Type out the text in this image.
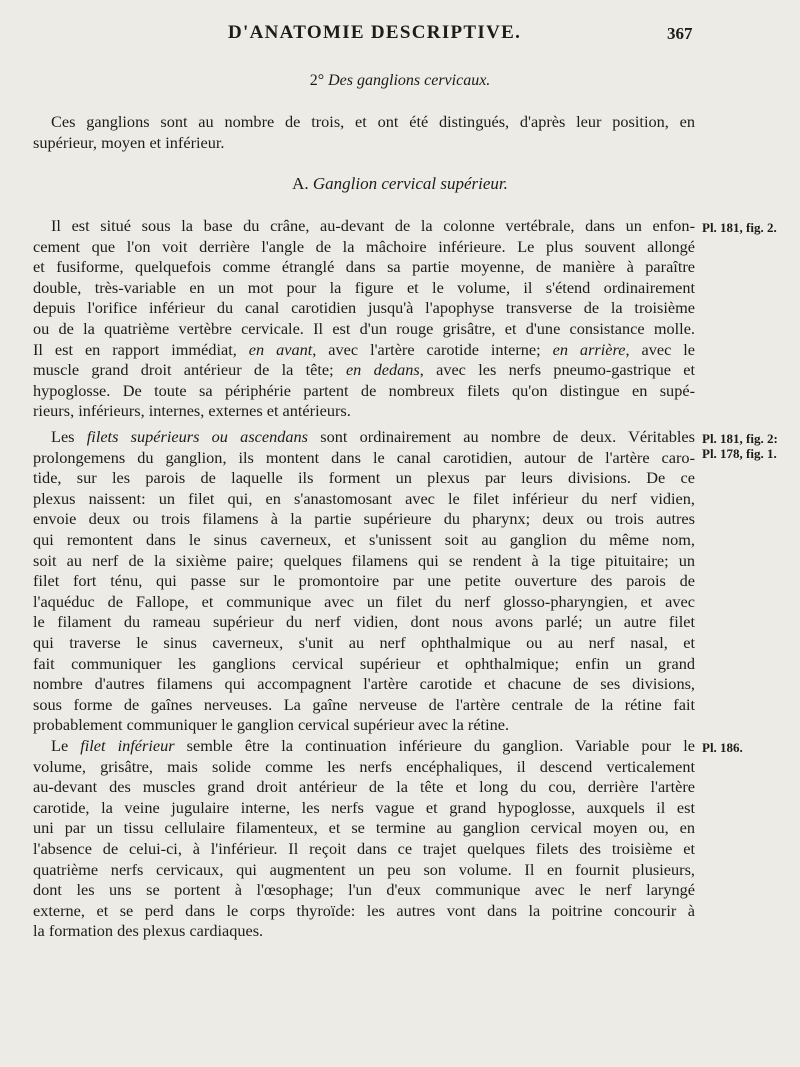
D'ANATOMIE DESCRIPTIVE.	367
2° Des ganglions cervicaux.
Ces ganglions sont au nombre de trois, et ont été distingués, d'après leur position, en
supérieur, moyen et inférieur.
A. Ganglion cervical supérieur.
Il est situé sous la base du crâne, au-devant de la colonne vertébrale, dans un enfon-
cement que l'on voit derrière l'angle de la mâchoire inférieure. Le plus souvent allongé
et fusiforme, quelquefois comme étranglé dans sa partie moyenne, de manière à paraître
double, très-variable en un mot pour la figure et le volume, il s'étend ordinairement
depuis l'orifice inférieur du canal carotidien jusqu'à l'apophyse transverse de la troisième
ou de la quatrième vertèbre cervicale. Il est d'un rouge grisâtre, et d'une consistance molle.
Il est en rapport immédiat, en avant, avec l'artère carotide interne; en arrière, avec le
muscle grand droit antérieur de la tête; en dedans, avec les nerfs pneumo-gastrique et
hypoglosse. De toute sa périphérie partent de nombreux filets qu'on distingue en supé-
rieurs, inférieurs, internes, externes et antérieurs.
Les filets supérieurs ou ascendans sont ordinairement au nombre de deux. Véritables
prolongemens du ganglion, ils montent dans le canal carotidien, autour de l'artère caro-
tide, sur les parois de laquelle ils forment un plexus par leurs divisions. De ce
plexus naissent: un filet qui, en s'anastomosant avec le filet inférieur du nerf vidien,
envoie deux ou trois filamens à la partie supérieure du pharynx; deux ou trois autres
qui remontent dans le sinus caverneux, et s'unissent soit au ganglion du même nom,
soit au nerf de la sixième paire; quelques filamens qui se rendent à la tige pituitaire; un
filet fort ténu, qui passe sur le promontoire par une petite ouverture des parois de
l'aquéduc de Fallope, et communique avec un filet du nerf glosso-pharyngien, et avec
le filament du rameau supérieur du nerf vidien, dont nous avons parlé; un autre filet
qui traverse le sinus caverneux, s'unit au nerf ophthalmique ou au nerf nasal, et
fait communiquer les ganglions cervical supérieur et ophthalmique; enfin un grand
nombre d'autres filamens qui accompagnent l'artère carotide et chacune de ses divisions,
sous forme de gaînes nerveuses. La gaîne nerveuse de l'artère centrale de la rétine fait
probablement communiquer le ganglion cervical supérieur avec la rétine.
Le filet inférieur semble être la continuation inférieure du ganglion. Variable pour le
volume, grisâtre, mais solide comme les nerfs encéphaliques, il descend verticalement
au-devant des muscles grand droit antérieur de la tête et long du cou, derrière l'artère
carotide, la veine jugulaire interne, les nerfs vague et grand hypoglosse, auxquels il est
uni par un tissu cellulaire filamenteux, et se termine au ganglion cervical moyen ou, en
l'absence de celui-ci, à l'inférieur. Il reçoit dans ce trajet quelques filets des troisième et
quatrième nerfs cervicaux, qui augmentent un peu son volume. Il en fournit plusieurs,
dont les uns se portent à l'œsophage; l'un d'eux communique avec le nerf laryngé
externe, et se perd dans le corps thyroïde: les autres vont dans la poitrine concourir à
la formation des plexus cardiaques.
Pl. 181, fig. 2.
Pl. 181, fig. 2:
Pl. 178, fig. 1.
Pl. 186.
